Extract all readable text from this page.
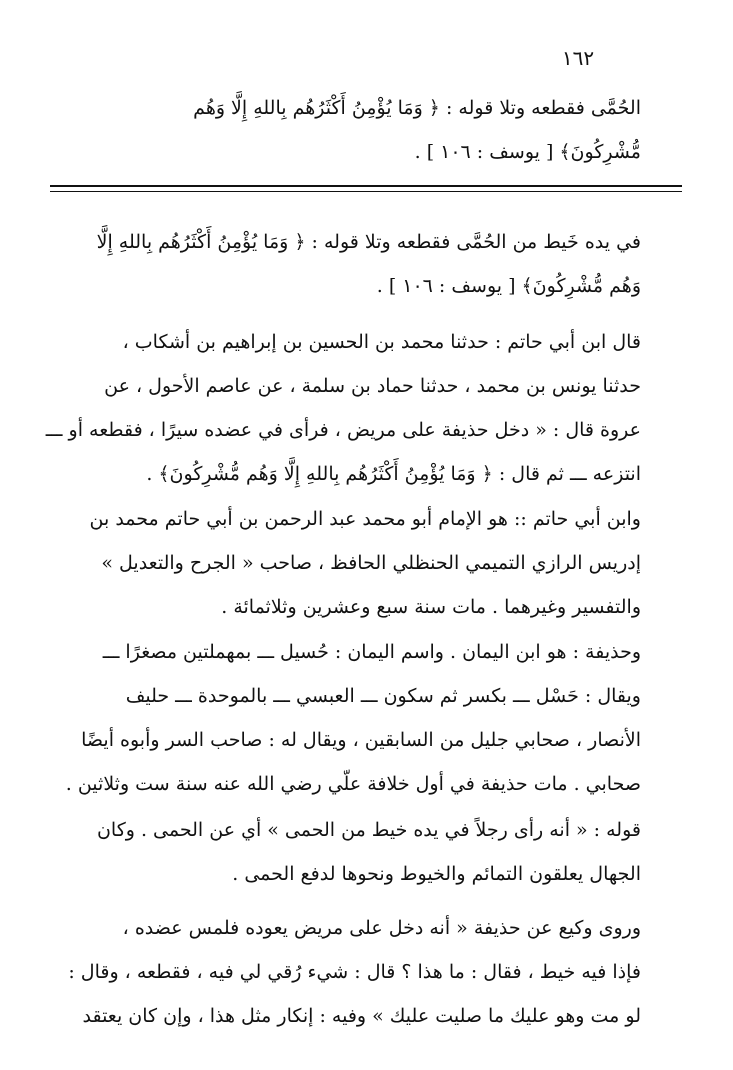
١٦٢
الحُمَّى فقطعه وتلا قوله : ﴿ وَمَا يُؤْمِنُ أَكْثَرُهُم بِاللهِ إِلَّا وَهُم
مُّشْرِكُونَ﴾ [ يوسف : ١٠٦ ] .
في يده خَيط من الحُمَّى فقطعه وتلا قوله : ﴿ وَمَا يُؤْمِنُ أَكْثَرُهُم بِاللهِ إِلَّا
وَهُم مُّشْرِكُونَ﴾ [ يوسف : ١٠٦ ] .
قال ابن أبي حاتم : حدثنا محمد بن الحسين بن إبراهيم بن أشكاب ،
حدثنا يونس بن محمد ، حدثنا حماد بن سلمة ، عن عاصم الأحول ، عن
عروة قال : « دخل حذيفة على مريض ، فرأى في عضده سيرًا ، فقطعه أو ـــ
انتزعه ـــ ثم قال : ﴿ وَمَا يُؤْمِنُ أَكْثَرُهُم بِاللهِ إِلَّا وَهُم مُّشْرِكُونَ﴾ .
وابن أبي حاتم :: هو الإمام أبو محمد عبد الرحمن بن أبي حاتم محمد بن
إدريس الرازي التميمي الحنظلي الحافظ ، صاحب « الجرح والتعديل »
والتفسير وغيرهما . مات سنة سبع وعشرين وثلاثمائة .
وحذيفة : هو ابن اليمان . واسم اليمان : حُسيل ـــ بمهملتين مصغرًا ـــ
ويقال : حَسْل ـــ بكسر ثم سكون ـــ العبسي ـــ بالموحدة ـــ حليف
الأنصار ، صحابي جليل من السابقين ، ويقال له : صاحب السر وأبوه أيضًا
صحابي . مات حذيفة في أول خلافة علّي رضي الله عنه سنة ست وثلاثين .
قوله : « أنه رأى رجلاً في يده خيط من الحمى » أي عن الحمى . وكان
الجهال يعلقون التمائم والخيوط ونحوها لدفع الحمى .
وروى وكيع عن حذيفة « أنه دخل على مريض يعوده فلمس عضده ،
فإذا فيه خيط ، فقال : ما هذا ؟ قال : شيء رُقي لي فيه ، فقطعه ، وقال :
لو مت وهو عليك ما صليت عليك » وفيه : إنكار مثل هذا ، وإن كان يعتقد
